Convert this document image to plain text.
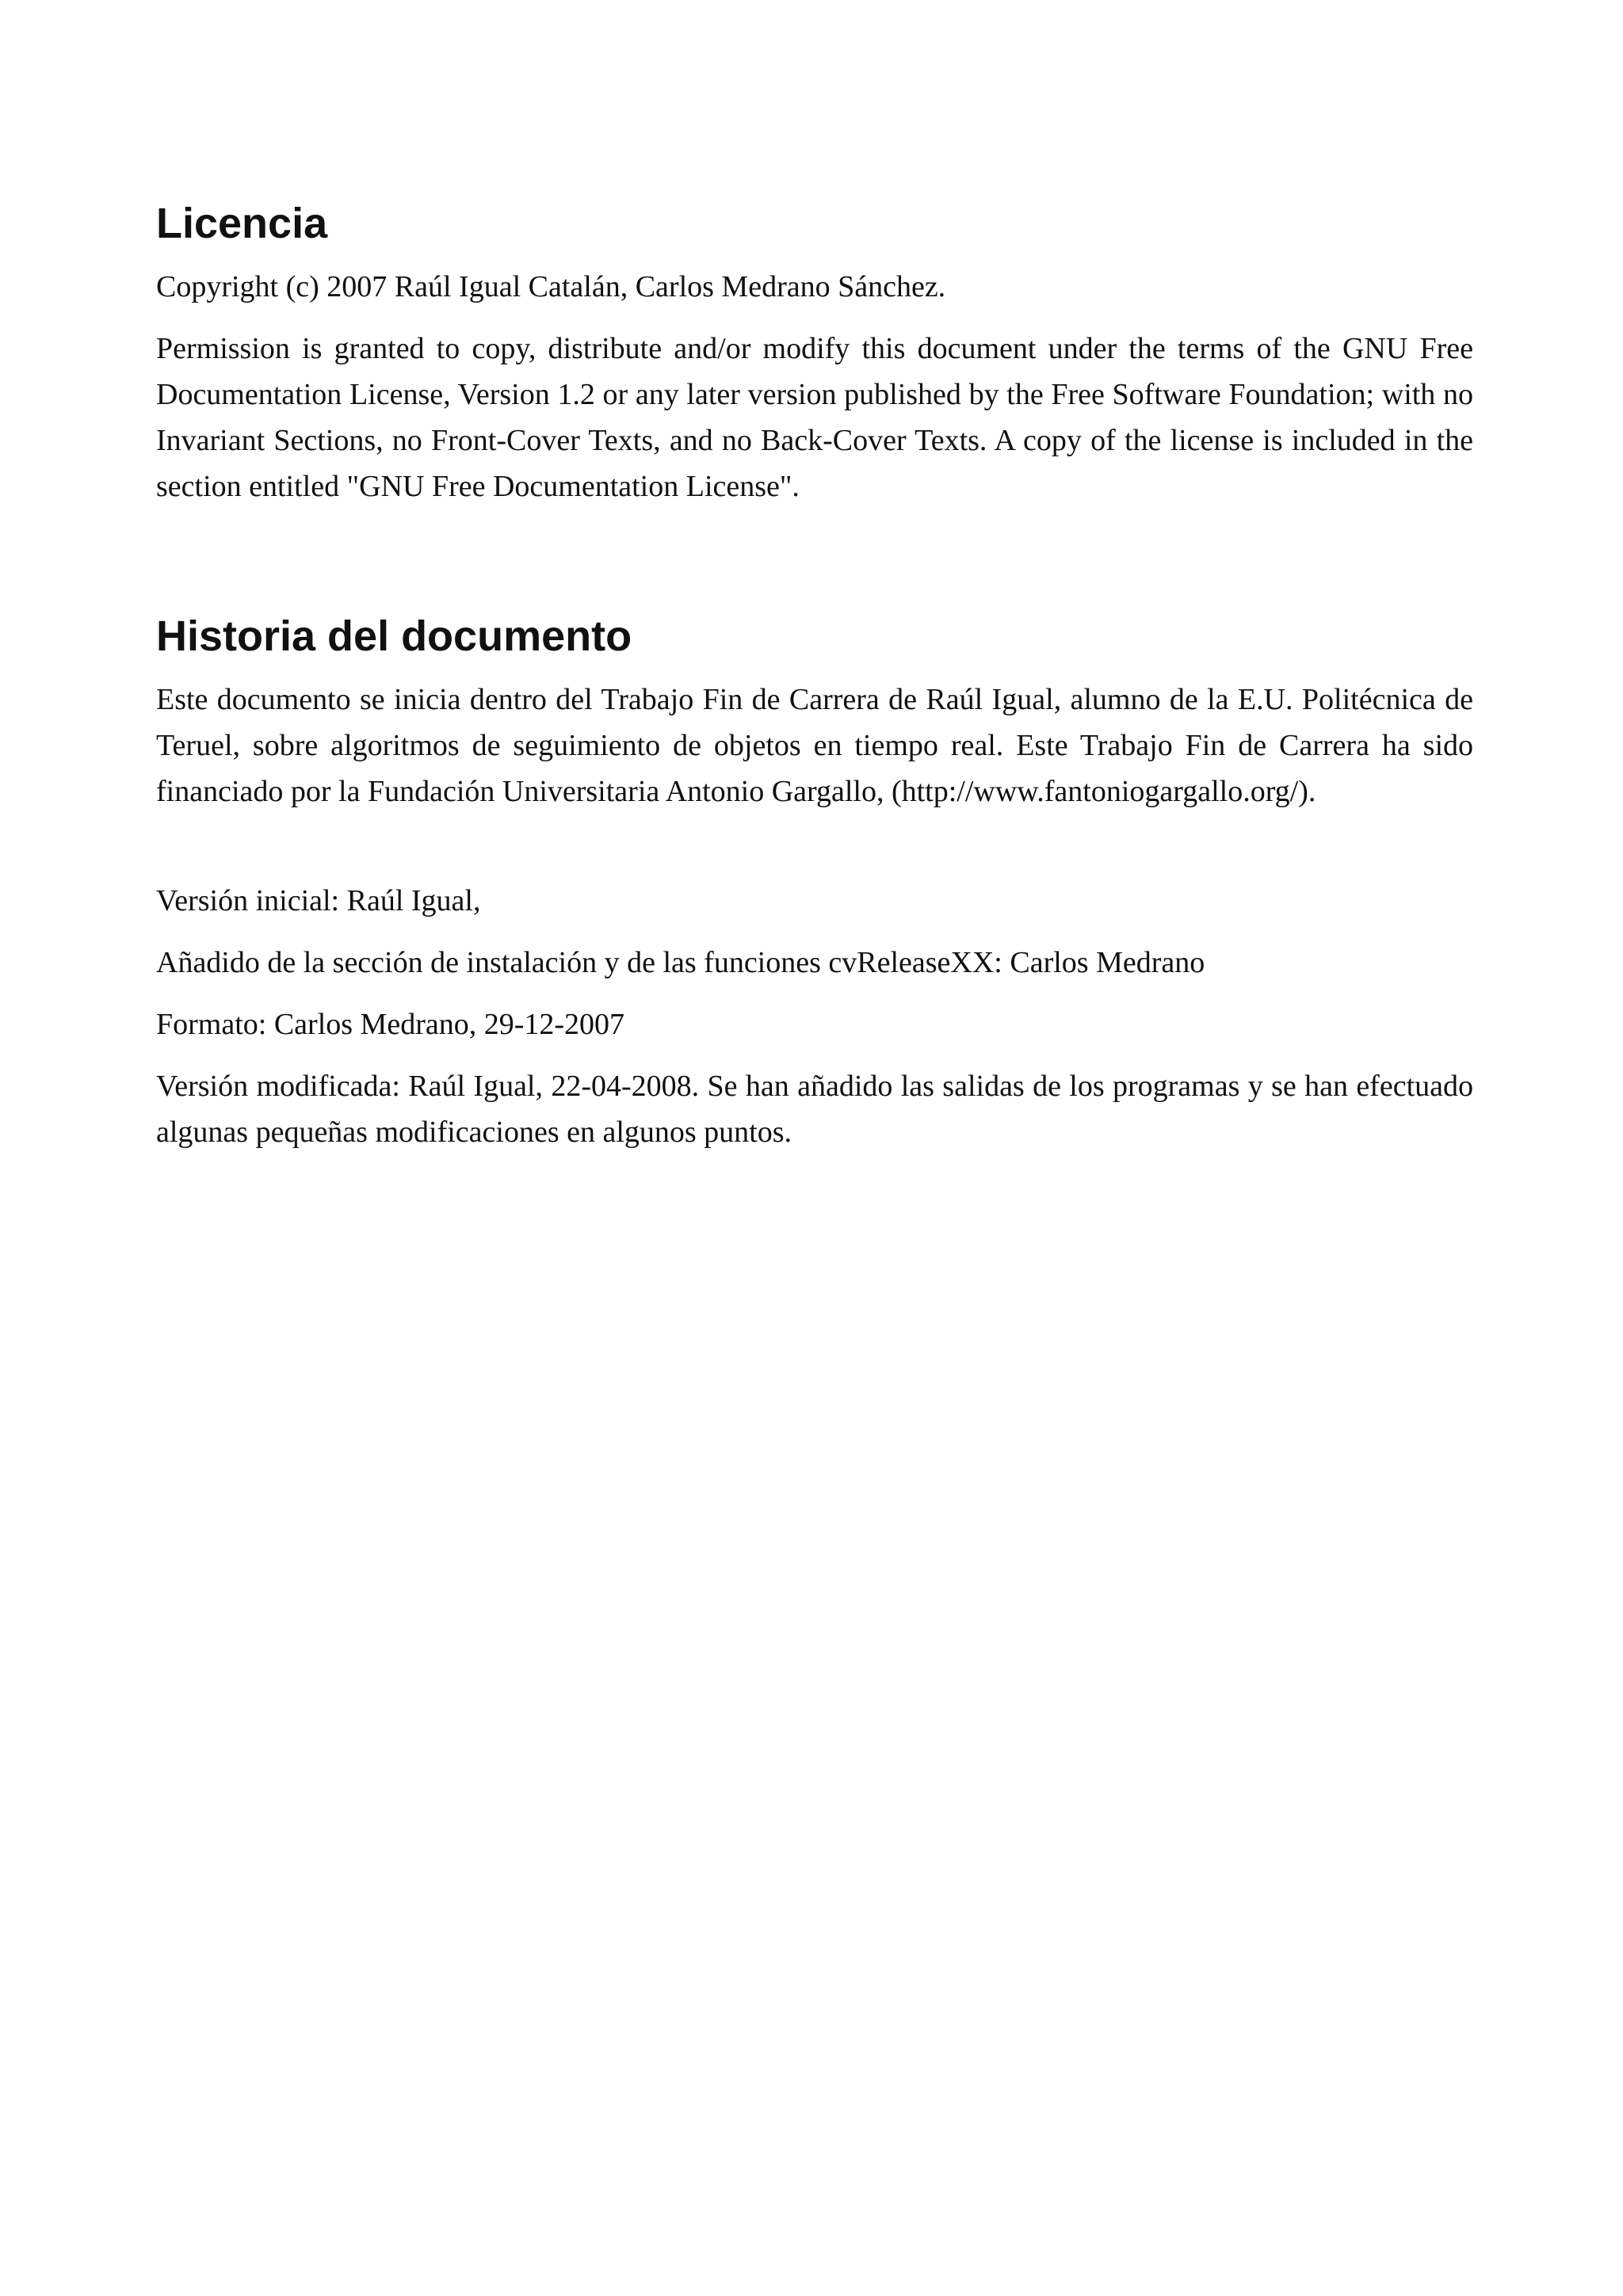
Licencia

Copyright (c) 2007 Raúl Igual Catalán, Carlos Medrano Sánchez.

Permission is granted to copy, distribute and/or modify this document under the terms of the GNU Free Documentation License, Version 1.2 or any later version published by the Free Software Foundation; with no Invariant Sections, no Front-Cover Texts, and no Back-Cover Texts. A copy of the license is included in the section entitled "GNU Free Documentation License".

Historia del documento

Este documento se inicia dentro del Trabajo Fin de Carrera de Raúl Igual, alumno de la E.U. Politécnica de Teruel, sobre algoritmos de seguimiento de objetos en tiempo real. Este Trabajo Fin de Carrera ha sido financiado por la Fundación Universitaria Antonio Gargallo, (http://www.fantoniogargallo.org/).

Versión inicial: Raúl Igual,

Añadido de la sección de instalación y de las funciones cvReleaseXX: Carlos Medrano

Formato: Carlos Medrano, 29-12-2007

Versión modificada: Raúl Igual, 22-04-2008. Se han añadido las salidas de los programas y se han efectuado algunas pequeñas modificaciones en algunos puntos.
